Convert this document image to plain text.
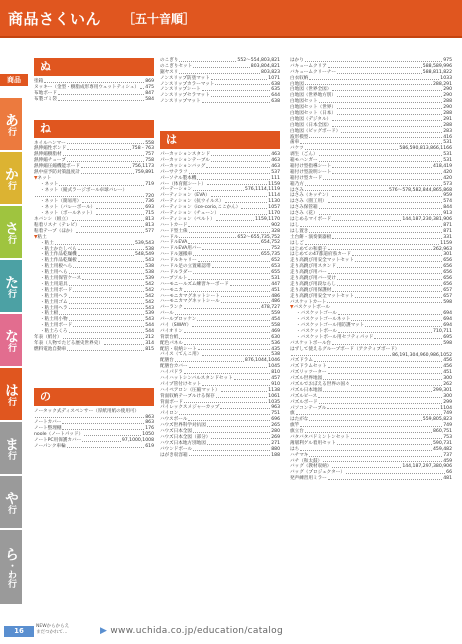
商品さくいん ［五十音順］
商品
あ
行
か
行
さ
行
た
行
な
行
は
行
ま
行
や
行
ら
・わ行
ぬ
塗箱	869
ヌッキー（金型・樹脂成形専用ウェットティシュ） 475
布地ボード	847
布製ゴミ袋	584
ね
ネイルハンマー	558
熱伸縮性ボンド	758・763
熱伸縮樹脂材	757
熱伸縮チューブ	758
熱伸縮圧縮機能ボード	756,1173
熱中症予防対策温度計	759,891
▼ ネット
・ネット	719
・ネット（縦式ラージボール卓球バレー）
720
・ネット（簡易用）	736
・ネット（バレーボール）	693
・ネット（ボールネット）	715
ネバンシ（組立）	813
粘着リスナ（テレビ）	813
粘着テープ（ほか）	577
▼ 粘土
・粘土	539,543
・粘土かたしべら	538
・粘土作品乾燥機	548,549
・粘土作品乾燥板	543
・粘土用板へら	538
・粘土用へら	538
・粘土用保管ケース	539
・粘土用道具	542
・粘土用ボード	542
・粘土用ヘラ	542
・粘土用ゴム	542
・粘土用ヘラ	543
・粘土板	539
・粘土用小物	543
・粘土用ボード	544
・粘土ろくろ	544
年表（紙付）	212
年表（人物でたどる歴史世界史）	314
燃料電池自動車	815
の
ノータック式ディスペンサー（厚紙用紙の使用可）
863
ノートカバー	863
ノート整理棚	176
noole（ノートパッド）	1050
ノートPC用保護カバー	97,1000,1008
ノーパンク車輪	619
のこぎり	552〜554,803,821
のこぎりセット	803,804,821
鋸ヤスリ	803,823
ノンスリップ防塗マット	1071
ノンスリップカラーマット	638
ノンスリップシート	635
ノンスリップセラマット	644
ノンスリップマット	638
は
パーカッションスタンド	463
パーカッションテーブル	463
パーカッションバッグ	463
パーサテラフ	537
パーソナル製本機	111
バー（体育館シート）	1159
パーテーション	576,1114,1119
パーティション（EVA）	1114
パーティション（抗ウイルス）	1130
パーティション（ice-corio,ここかん）	1057
パーティション（チェーン）	1170
パーティション（ベルト）	1159,1170
ハートカード	902
ハード型土俵	328
ハードル	652〜655,735,752
ハードルEVA	654,752
ハードルEVA用バー	752
ハードル運搬車	655,735
ハードルキャリー	652
ハードル足の立置確認帯	653
ハードルラダー	655
ハーブソルト	531
ハーモニールズム練習キーボード	447
ハーモニカ	451
ハーモニカマグネットシート	486
ハーモニカマグネットシール	486
バーランク	478,727
バール	559
バールブロッケン	454
バイ（SWAY）	558
バイオリン	469
背景台紙	630
配色パネル	536
配倍・収納シート	435
バイス（てんこ用）	538
配膳台	876,1044,1046
配膳台カバー	1045
ハイパドラ	810
ハイハットシンバルスタンドセット	457
パイプ管付けセット	910
ハイペアロン（圧縮マット）	1138
背面収納テーブルける保存	1061
背面ボード	1035
パイレックスメジャーカップ	963
パイロン	751
ハウスボール	696
ハウズ世界科学対抗図	265
ハウズ日本全図	280
ハウズ日本全図（部分）	269
ハウズ日本地方別地図	271
バウンドボール	880
はがき収容箱	188
はかり	975
バキュームクリア	588,589,996
バキュームクリーナー	588,811,822
白衣収納	1033
白地図	288,291
白地図（世界全図）	290
白地図（世界地方別）	290
白地図セット	288
白地図セット（世界）	290
白地図セット（日本）	288
白地図（デジタル）	291
白地図（日本全図）	288
白地図（ビッグボード）	283
波形模型	416
歯車	531
バケツ	586,590,813,866,1166
剥生（ごん）	531
箱モハンガー	531
箱付け型指導シート	418,419
箱付け型説明シート	420
箱付け型カード	420
箱乃方	573
はさみ	576〜578,582,844,865,868
はさみ（キッチン）	959
はさみ（園工用）	574
はさみ保管箱	844
はさみ（花）	913
はじめるマイボード	144,187,230,381,906
はし	871
はし置き	871
土台餅・演奏楽器板	331
はしご	1159
はじめての和菓子	262,963
はじめての47都道府県カード	301
走り高跳び用安全マットセット	656
走り高跳び用スタンド	656
走り高跳び用バー	656
走り高跳び用バー受け	656
走り高跳び用段ならし	656
走り高跳び用保護材	657
走り高跳び用安全マットセット	657
バスケットカート	598
▼ バスケットボール
・バスケットゴール	694
・バスケットゴールネット	694
・バスケットゴール用防護マット	694
・バスケットボール	710,711
・バスケットボール用セフティパッド	695
バスケットボール台	598
はずして使えるグループボード（アクティブボード）
86,191,304,960,986,1052
パズドラム	456
パズドラムセット	456
パズリッツーター	451
パズル世界地図	300
パズルでおぼえる世界の国々	262
パズル日本地図	299,301
パズルピース	300
パズルボード	299
パソコンテーブル	1104
旗	749
はたがな	559,805,823
旗竿	749
旗立台	860,751
バタバタバドミントンセット	753
薄層利ゲル着用セット	590,731
はち	459,482
ハチマキ	737
バチ（和太鼓）	459
バッグ（教材収納）	144,187,297,380,906
バッグ（プロジェクター）	66
発声練習用ミラー	481
16
NEWからからえ
まだつかれて…	▶ www.uchida.co.jp/education/catalog
